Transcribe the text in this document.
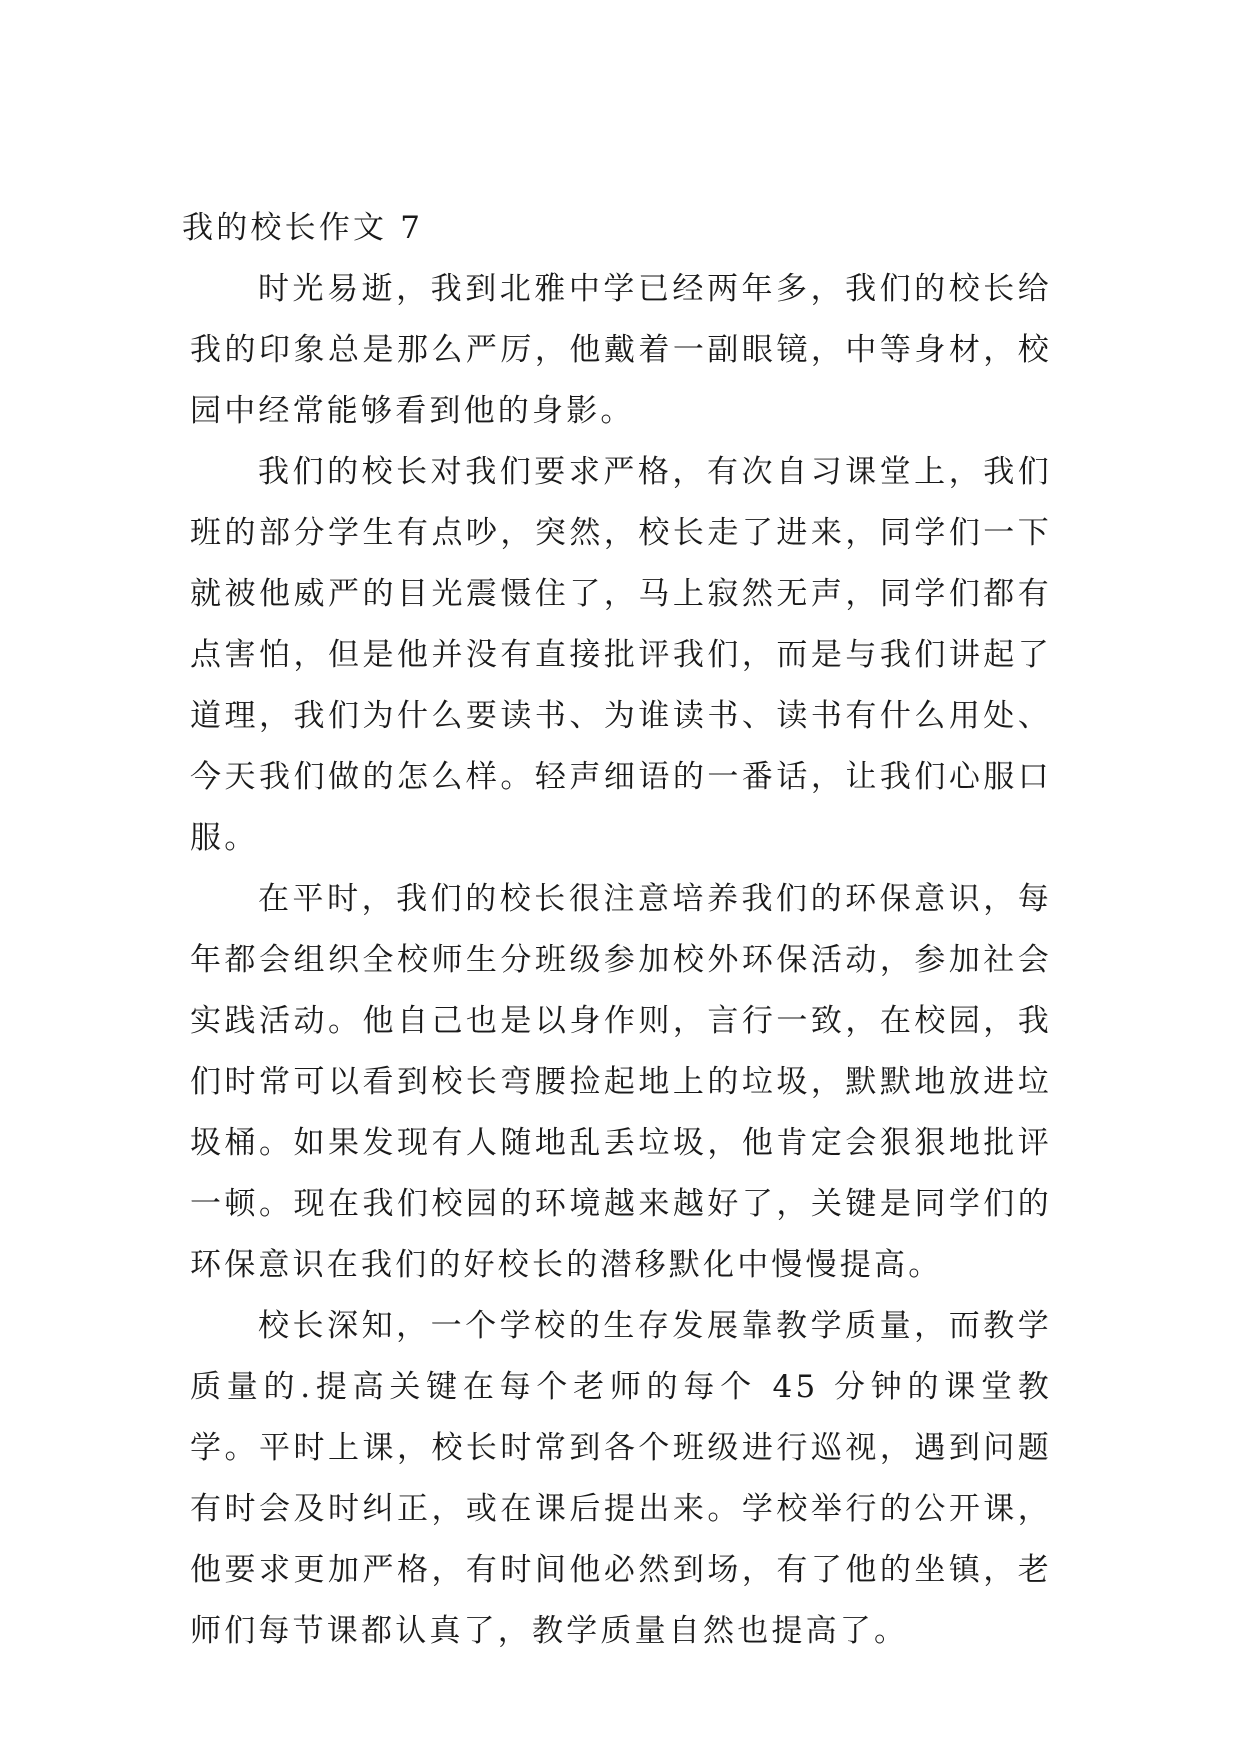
我的校长作文 7

时光易逝，我到北雅中学已经两年多，我们的校长给我的印象总是那么严厉，他戴着一副眼镜，中等身材，校园中经常能够看到他的身影。

我们的校长对我们要求严格，有次自习课堂上，我们班的部分学生有点吵，突然，校长走了进来，同学们一下就被他威严的目光震慑住了，马上寂然无声，同学们都有点害怕，但是他并没有直接批评我们，而是与我们讲起了道理，我们为什么要读书、为谁读书、读书有什么用处、今天我们做的怎么样。轻声细语的一番话，让我们心服口服。

在平时，我们的校长很注意培养我们的环保意识，每年都会组织全校师生分班级参加校外环保活动，参加社会实践活动。他自己也是以身作则，言行一致，在校园，我们时常可以看到校长弯腰捡起地上的垃圾，默默地放进垃圾桶。如果发现有人随地乱丢垃圾，他肯定会狠狠地批评一顿。现在我们校园的环境越来越好了，关键是同学们的环保意识在我们的好校长的潜移默化中慢慢提高。

校长深知，一个学校的生存发展靠教学质量，而教学质量的.提高关键在每个老师的每个 45 分钟的课堂教学。平时上课，校长时常到各个班级进行巡视，遇到问题有时会及时纠正，或在课后提出来。学校举行的公开课，他要求更加严格，有时间他必然到场，有了他的坐镇，老师们每节课都认真了，教学质量自然也提高了。
